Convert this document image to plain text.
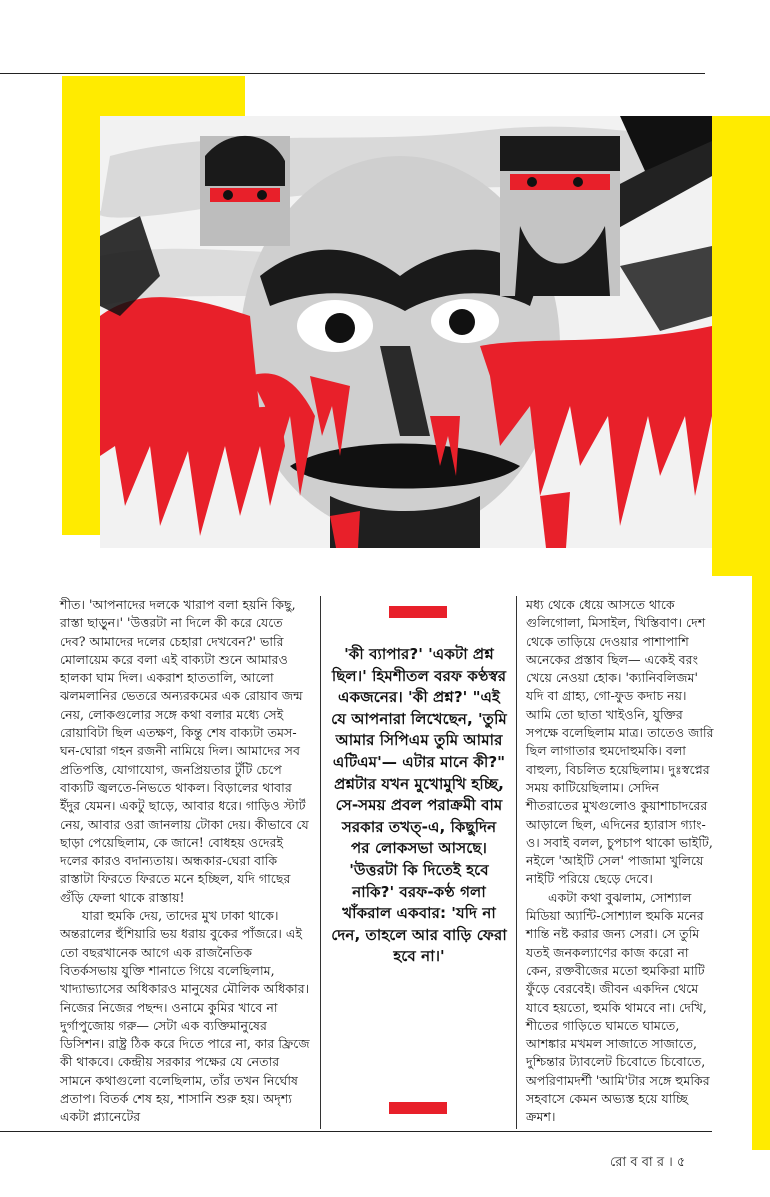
শীত। 'আপনাদের দলকে খারাপ বলা হয়নি কিছু, রাস্তা ছাড়ুন।' 'উত্তরটা না দিলে কী করে যেতে দেব? আমাদের দলের চেহারা দেখবেন?' ভারি মোলায়েম করে বলা এই বাক্যটা শুনে আমারও হালকা ঘাম দিল। একরাশ হাততালি, আলো ঝলমলানির ভেতরে অন্যরকমের এক রোয়াব জন্ম নেয়, লোকগুলোর সঙ্গে কথা বলার মধ্যে সেই রোয়াবিটা ছিল এতক্ষণ, কিন্তু শেষ বাক্যটা তমস-ঘন-ঘোরা গহন রজনী নামিয়ে দিল। আমাদের সব প্রতিপত্তি, যোগাযোগ, জনপ্রিয়তার টুঁটি চেপে বাক্যটি জ্বলতে-নিভতে থাকল। বিড়ালের থাবার ইঁদুর যেমন। একটু ছাড়ে, আবার ধরে। গাড়িও স্টার্ট নেয়, আবার ওরা জানলায় টোকা দেয়। কীভাবে যে ছাড়া পেয়েছিলাম, কে জানে! বোধহয় ওদেরই দলের কারও বদান্যতায়। অন্ধকার-ঘেরা বাকি রাস্তাটা ফিরতে ফিরতে মনে হচ্ছিল, যদি গাছের গুঁড়ি ফেলা থাকে রাস্তায়!

যারা হুমকি দেয়, তাদের মুখ ঢাকা থাকে। অন্তরালের হুঁশিয়ারি ভয় ধরায় বুকের পাঁজরে। এই তো বছরখানেক আগে এক রাজনৈতিক বিতর্কসভায় যুক্তি শানাতে গিয়ে বলেছিলাম, খাদ্যাভ্যাসের অধিকারও মানুষের মৌলিক অধিকার। নিজের নিজের পছন্দ। ওনামে কুমির খাবে না দুর্গাপুজোয় গরু— সেটা এক ব্যক্তিমানুষের ডিসিশন। রাষ্ট্র ঠিক করে দিতে পারে না, কার ফ্রিজে কী থাকবে। কেন্দ্রীয় সরকার পক্ষের যে নেতার সামনে কথাগুলো বলেছিলাম, তাঁর তখন নির্ঘোষ প্রতাপ। বিতর্ক শেষ হয়, শাসানি শুরু হয়। অদৃশ্য একটা প্ল্যানেটের

'কী ব্যাপার?' 'একটা প্রশ্ন ছিল।' হিমশীতল বরফ কণ্ঠস্বর একজনের। 'কী প্রশ্ন?' "এই যে আপনারা লিখেছেন, 'তুমি আমার সিপিএম তুমি আমার এটিএম'— এটার মানে কী?" প্রশ্নটার যখন মুখোমুখি হচ্ছি, সে-সময় প্রবল পরাক্রমী বাম সরকার তখত্-এ, কিছুদিন পর লোকসভা আসছে। 'উত্তরটা কি দিতেই হবে নাকি?' বরফ-কণ্ঠ গলা খাঁকরাল একবার: 'যদি না দেন, তাহলে আর বাড়ি ফেরা হবে না।'

মধ্য থেকে ধেয়ে আসতে থাকে গুলিগোলা, মিসাইল, খিস্তিবাণ। দেশ থেকে তাড়িয়ে দেওয়ার পাশাপাশি অনেকের প্রস্তাব ছিল— একেই বরং খেয়ে নেওয়া হোক। 'ক্যানিবলিজম' যদি বা গ্রাহ্য, গো-ফুড কদাচ নয়। আমি তো ছাতা খাইওনি, যুক্তির সপক্ষে বলেছিলাম মাত্র। তাতেও জারি ছিল লাগাতার হুমদোহুমকি। বলা বাহুল্য, বিচলিত হয়েছিলাম। দুঃস্বপ্নের সময় কাটিয়েছিলাম। সেদিন শীতরাতের মুখগুলোও কুয়াশাচাদরের আড়ালে ছিল, এদিনের হ্যারাস গ্যাং-ও। সবাই বলল, চুপচাপ থাকো ভাইটি, নইলে 'আইটি সেল' পাজামা খুলিয়ে নাইটি পরিয়ে ছেড়ে দেবে।

একটা কথা বুঝলাম, সোশ্যাল মিডিয়া অ্যান্টি-সোশ্যাল হুমকি মনের শান্তি নষ্ট করার জন্য সেরা। সে তুমি যতই জনকল্যাণের কাজ করো না কেন, রক্তবীজের মতো হুমকিরা মাটি ফুঁড়ে বেরবেই। জীবন একদিন থেমে যাবে হয়তো, হুমকি থামবে না। দেখি, শীতের গাড়িতে ঘামতে ঘামতে, আশঙ্কার মখমল সাজাতে সাজাতে, দুশ্চিন্তার ট্যাবলেট চিবোতে চিবোতে, অপরিণামদর্শী 'আমি'টার সঙ্গে হুমকির সহবাসে কেমন অভ্যস্ত হয়ে যাচ্ছি ক্রমশ।

রো ব বা র । ৫
